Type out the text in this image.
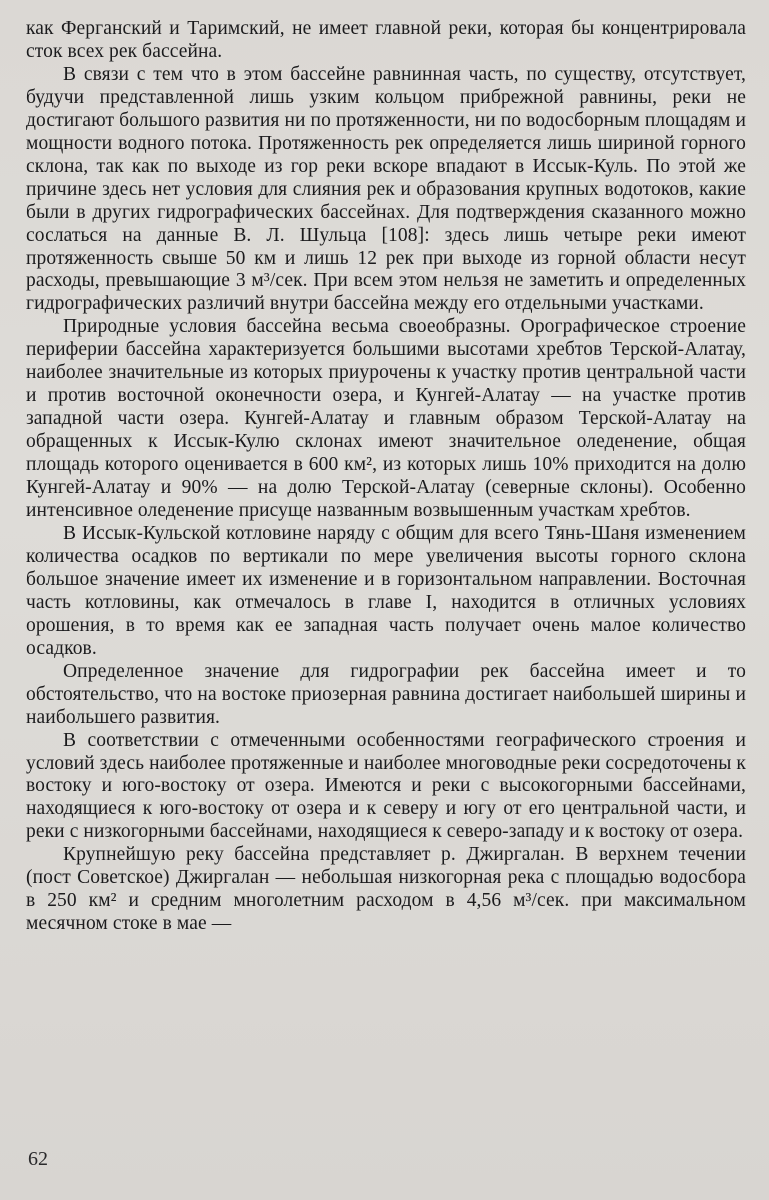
как Ферганский и Таримский, не имеет главной реки, которая бы концентрировала сток всех рек бассейна.

В связи с тем что в этом бассейне равнинная часть, по существу, отсутствует, будучи представленной лишь узким кольцом прибрежной равнины, реки не достигают большого развития ни по протяженности, ни по водосборным площадям и мощности водного потока. Протяженность рек определяется лишь шириной горного склона, так как по выходе из гор реки вскоре впадают в Иссык-Куль. По этой же причине здесь нет условия для слияния рек и образования крупных водотоков, какие были в других гидрографических бассейнах. Для подтверждения сказанного можно сослаться на данные В. Л. Шульца [108]: здесь лишь четыре реки имеют протяженность свыше 50 км и лишь 12 рек при выходе из горной области несут расходы, превышающие 3 м³/сек. При всем этом нельзя не заметить и определенных гидрографических различий внутри бассейна между его отдельными участками.

Природные условия бассейна весьма своеобразны. Орографическое строение периферии бассейна характеризуется большими высотами хребтов Терской-Алатау, наиболее значительные из которых приурочены к участку против центральной части и против восточной оконечности озера, и Кунгей-Алатау — на участке против западной части озера. Кунгей-Алатау и главным образом Терской-Алатау на обращенных к Иссык-Кулю склонах имеют значительное оледенение, общая площадь которого оценивается в 600 км², из которых лишь 10% приходится на долю Кунгей-Алатау и 90% — на долю Терской-Алатау (северные склоны). Особенно интенсивное оледенение присуще названным возвышенным участкам хребтов.

В Иссык-Кульской котловине наряду с общим для всего Тянь-Шаня изменением количества осадков по вертикали по мере увеличения высоты горного склона большое значение имеет их изменение и в горизонтальном направлении. Восточная часть котловины, как отмечалось в главе I, находится в отличных условиях орошения, в то время как ее западная часть получает очень малое количество осадков.

Определенное значение для гидрографии рек бассейна имеет и то обстоятельство, что на востоке приозерная равнина достигает наибольшей ширины и наибольшего развития.

В соответствии с отмеченными особенностями географического строения и условий здесь наиболее протяженные и наиболее многоводные реки сосредоточены к востоку и юго-востоку от озера. Имеются и реки с высокогорными бассейнами, находящиеся к юго-востоку от озера и к северу и югу от его центральной части, и реки с низкогорными бассейнами, находящиеся к северо-западу и к востоку от озера.

Крупнейшую реку бассейна представляет р. Джиргалан. В верхнем течении (пост Советское) Джиргалан — небольшая низкогорная река с площадью водосбора в 250 км² и средним многолетним расходом в 4,56 м³/сек. при максимальном месячном стоке в мае —

62
